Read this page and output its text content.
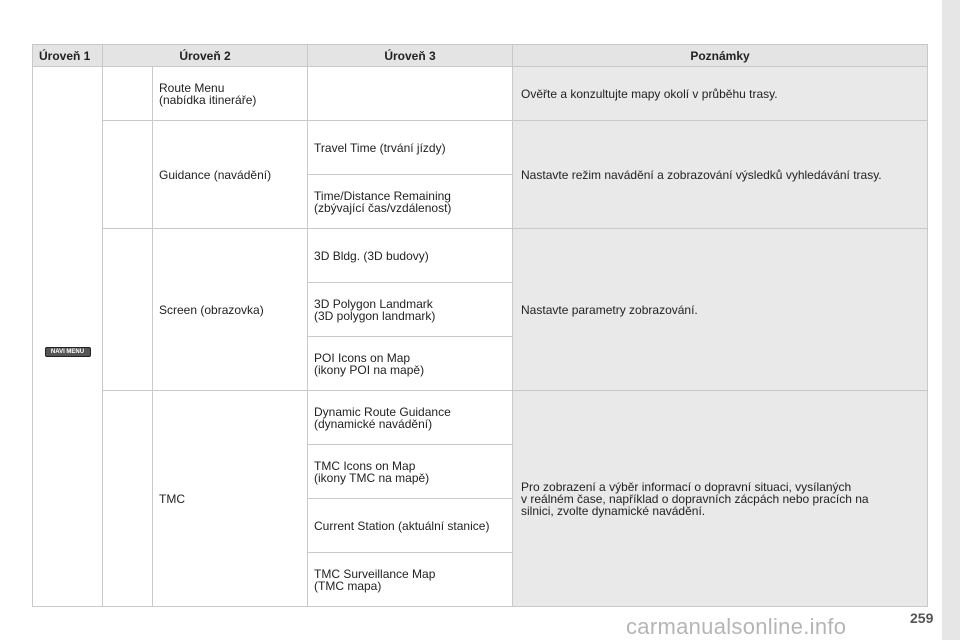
Úroveň 1	Úroveň 2		Úroveň 3	Poznámky
NAVI MENU		Route Menu
(nabídka itineráře)		Ověřte a konzultujte mapy okolí v průběhu trasy.
		Guidance (navádění)	Travel Time (trvání jízdy)	Nastavte režim navádění a zobrazování výsledků vyhledávání trasy.

			Time/Distance Remaining
(zbývající čas/vzdálenost)	

		Screen (obrazovka)	3D Bldg. (3D budovy)	Nastavte parametry zobrazování.

			3D Polygon Landmark
(3D polygon landmark)	

			POI Icons on Map
(ikony POI na mapě)	

		TMC	Dynamic Route Guidance
(dynamické navádění)	Pro zobrazení a výběr informací o dopravní situaci, vysílaných
v reálném čase, například o dopravních zácpách nebo pracích na
silnici, zvolte dynamické navádění.

			TMC Icons on Map
(ikony TMC na mapě)	

			Current Station (aktuální stanice)	

			TMC Surveillance Map
(TMC mapa)	
carmanualsonline.info	259
